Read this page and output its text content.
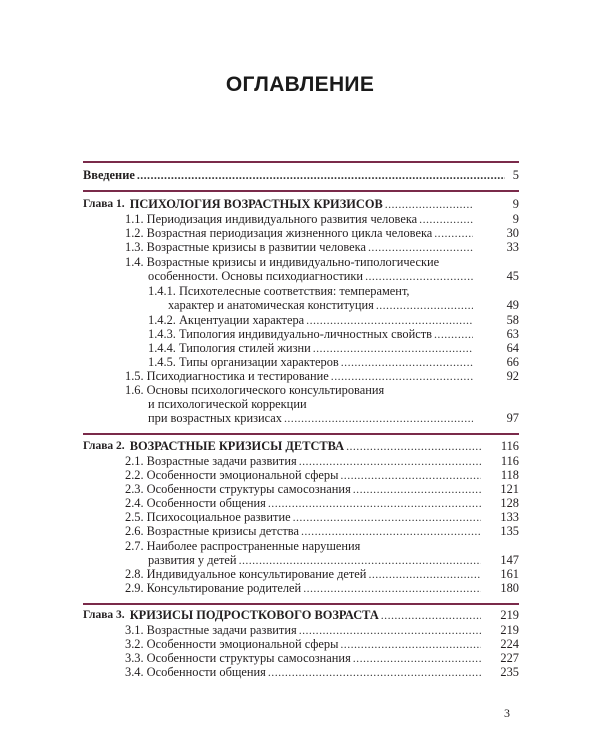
ОГЛАВЛЕНИЕ
Введение .....	5
Глава 1. ПСИХОЛОГИЯ ВОЗРАСТНЫХ КРИЗИСОВ .....	9
1.1. Периодизация индивидуального развития человека .....	9
1.2. Возрастная периодизация жизненного цикла человека .....	30
1.3. Возрастные кризисы в развитии человека .....	33
1.4. Возрастные кризисы и индивидуально-типологические
особенности. Основы психодиагностики .....	45
1.4.1. Психотелесные соответствия: темперамент,
характер и анатомическая конституция .....	49
1.4.2. Акцентуации характера .....	58
1.4.3. Типология индивидуально-личностных свойств .....	63
1.4.4. Типология стилей жизни .....	64
1.4.5. Типы организации характеров .....	66
1.5. Психодиагностика и тестирование .....	92
1.6. Основы психологического консультирования
и психологической коррекции
при возрастных кризисах .....	97
Глава 2. ВОЗРАСТНЫЕ КРИЗИСЫ ДЕТСТВА .....	116
2.1. Возрастные задачи развития .....	116
2.2. Особенности эмоциональной сферы .....	118
2.3. Особенности структуры самосознания .....	121
2.4. Особенности общения .....	128
2.5. Психосоциальное развитие .....	133
2.6. Возрастные кризисы детства .....	135
2.7. Наиболее распространенные нарушения
развития у детей .....	147
2.8. Индивидуальное консультирование детей .....	161
2.9. Консультирование родителей .....	180
Глава 3. КРИЗИСЫ ПОДРОСТКОВОГО ВОЗРАСТА .....	219
3.1. Возрастные задачи развития .....	219
3.2. Особенности эмоциональной сферы .....	224
3.3. Особенности структуры самосознания .....	227
3.4. Особенности общения .....	235
3
